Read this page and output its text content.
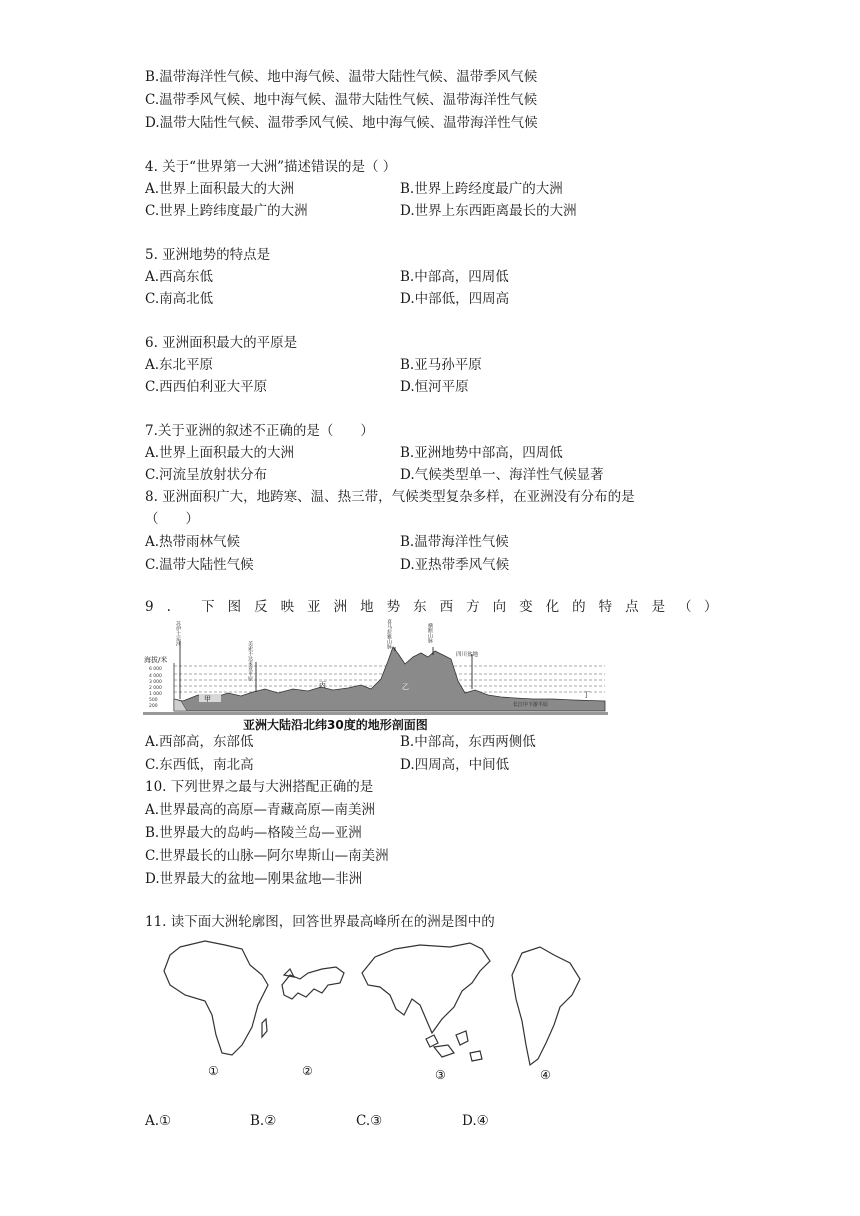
B.温带海洋性气候、地中海气候、温带大陆性气候、温带季风气候
C.温带季风气候、地中海气候、温带大陆性气候、温带海洋性气候
D.温带大陆性气候、温带季风气候、地中海气候、温带海洋性气候
4. 关于“世界第一大洲”描述错误的是（ ）
A.世界上面积最大的大洲	B.世界上跨经度最广的大洲
C.世界上跨纬度最广的大洲	D.世界上东西距离最长的大洲
5. 亚洲地势的特点是
A.西高东低	B.中部高，四周低
C.南高北低	D.中部低，四周高
6. 亚洲面积最大的平原是
A.东北平原	B.亚马孙平原
C.西西伯利亚大平原	D.恒河平原
7.关于亚洲的叙述不正确的是（　　）
A.世界上面积最大的大洲	B.亚洲地势中部高，四周低
C.河流呈放射状分布	D.气候类型单一、海洋性气候显著
8. 亚洲面积广大，地跨寒、温、热三带，气候类型复杂多样，在亚洲没有分布的是
（　　）
A.热带雨林气候	B.温带海洋性气候
C.温带大陆性气候	D.亚热带季风气候
9. 下图反映亚洲地势东西方向变化的特点是（ ）
海拔/米
6 000
4 000
3 000
2 000
1 000
500
200
甲
丙	乙
丁
苏伊士运河
美索不达米亚平原
喜马拉雅山脉	横断山脉
四川盆地
长江中下游平原
亚洲大陆沿北纬30度的地形剖面图
A.西部高，东部低	B.中部高，东西两侧低
C.东西低，南北高	D.四周高，中间低
10. 下列世界之最与大洲搭配正确的是
A.世界最高的高原—青藏高原—南美洲
B.世界最大的岛屿—格陵兰岛—亚洲
C.世界最长的山脉—阿尔卑斯山—南美洲
D.世界最大的盆地—刚果盆地—非洲
11. 读下面大洲轮廓图，回答世界最高峰所在的洲是图中的
①	②	③	④
A.①	B.②	C.③	D.④
